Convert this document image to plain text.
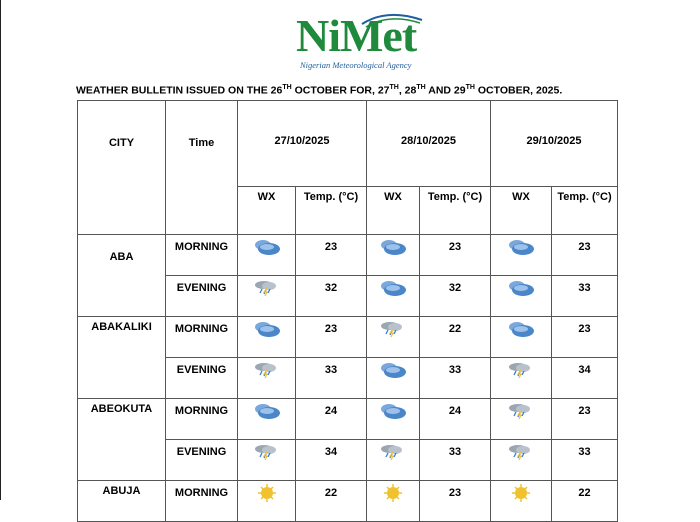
NiMet
Nigerian Meteorological Agency
WEATHER BULLETIN ISSUED ON THE 26TH OCTOBER FOR, 27TH, 28TH AND 29TH OCTOBER, 2025.
CITY	Time	27/10/2025		28/10/2025		29/10/2025	

		WX	Temp. (°C)	WX	Temp. (°C)	WX	Temp. (°C)

ABA	MORNING		23		23		23

	EVENING		32		32		33

ABAKALIKI	MORNING		23		22		23

	EVENING		33		33		34

ABEOKUTA	MORNING		24		24		23

	EVENING		34		33		33

ABUJA	MORNING		22		23		22
